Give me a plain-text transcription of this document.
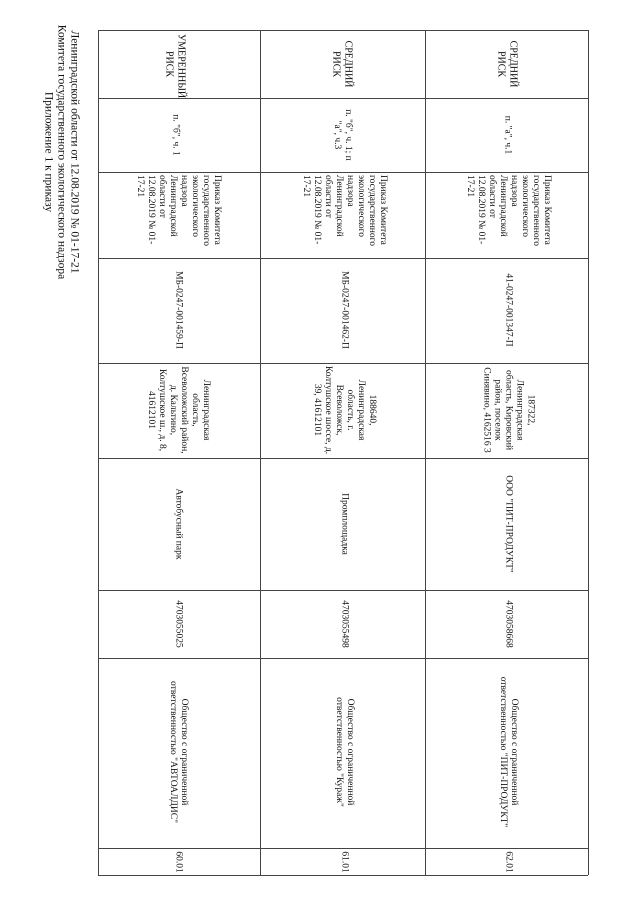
Приложение 1 к приказу Комитета государственного экологического надзора Ленинградской области от 12.08.2019 № 01-17-21	УМЕРЕННЫЙ РИСК
п. "б", ч. 1
Приказ Комитета государственного экологического надзора Ленинградской области от 12.08.2019 № 01-17-21
МБ-0247-001459-П
Ленинградская область, Всеволожский район, д. Кальтино, Колтушское ш., д. 8, 41612101
Автобусный парк
4703055025
Общество с ограниченной ответственностью "АВТОАЛДИС"
60.01
СРЕДНИЙ РИСК
п. "б", ч. 1; п "а", ч.3
Приказ Комитета государственного экологического надзора Ленинградской области от 12.08.2019 № 01-17-21
МБ-0247-001462-П
188640, Ленинградская область, г. Всеволожск, Колтушское шоссе, д. 39, 41612101
Промплощадка
4703055498
Общество с ограниченной ответственностью "Кураж"
61.01
СРЕДНИЙ РИСК
п. "а", ч.1
Приказ Комитета государственного экологического надзора Ленинградской области от 12.08.2019 № 01-17-21
41-0247-001347-П
187322, Ленинградская область, Кировский район, поселок Синявино, 4162516 3
ООО "ПИТ-ПРОДУКТ"
4703058668
Общество с ограниченной ответственностью "ПИТ-ПРОДУКТ"
62.01
